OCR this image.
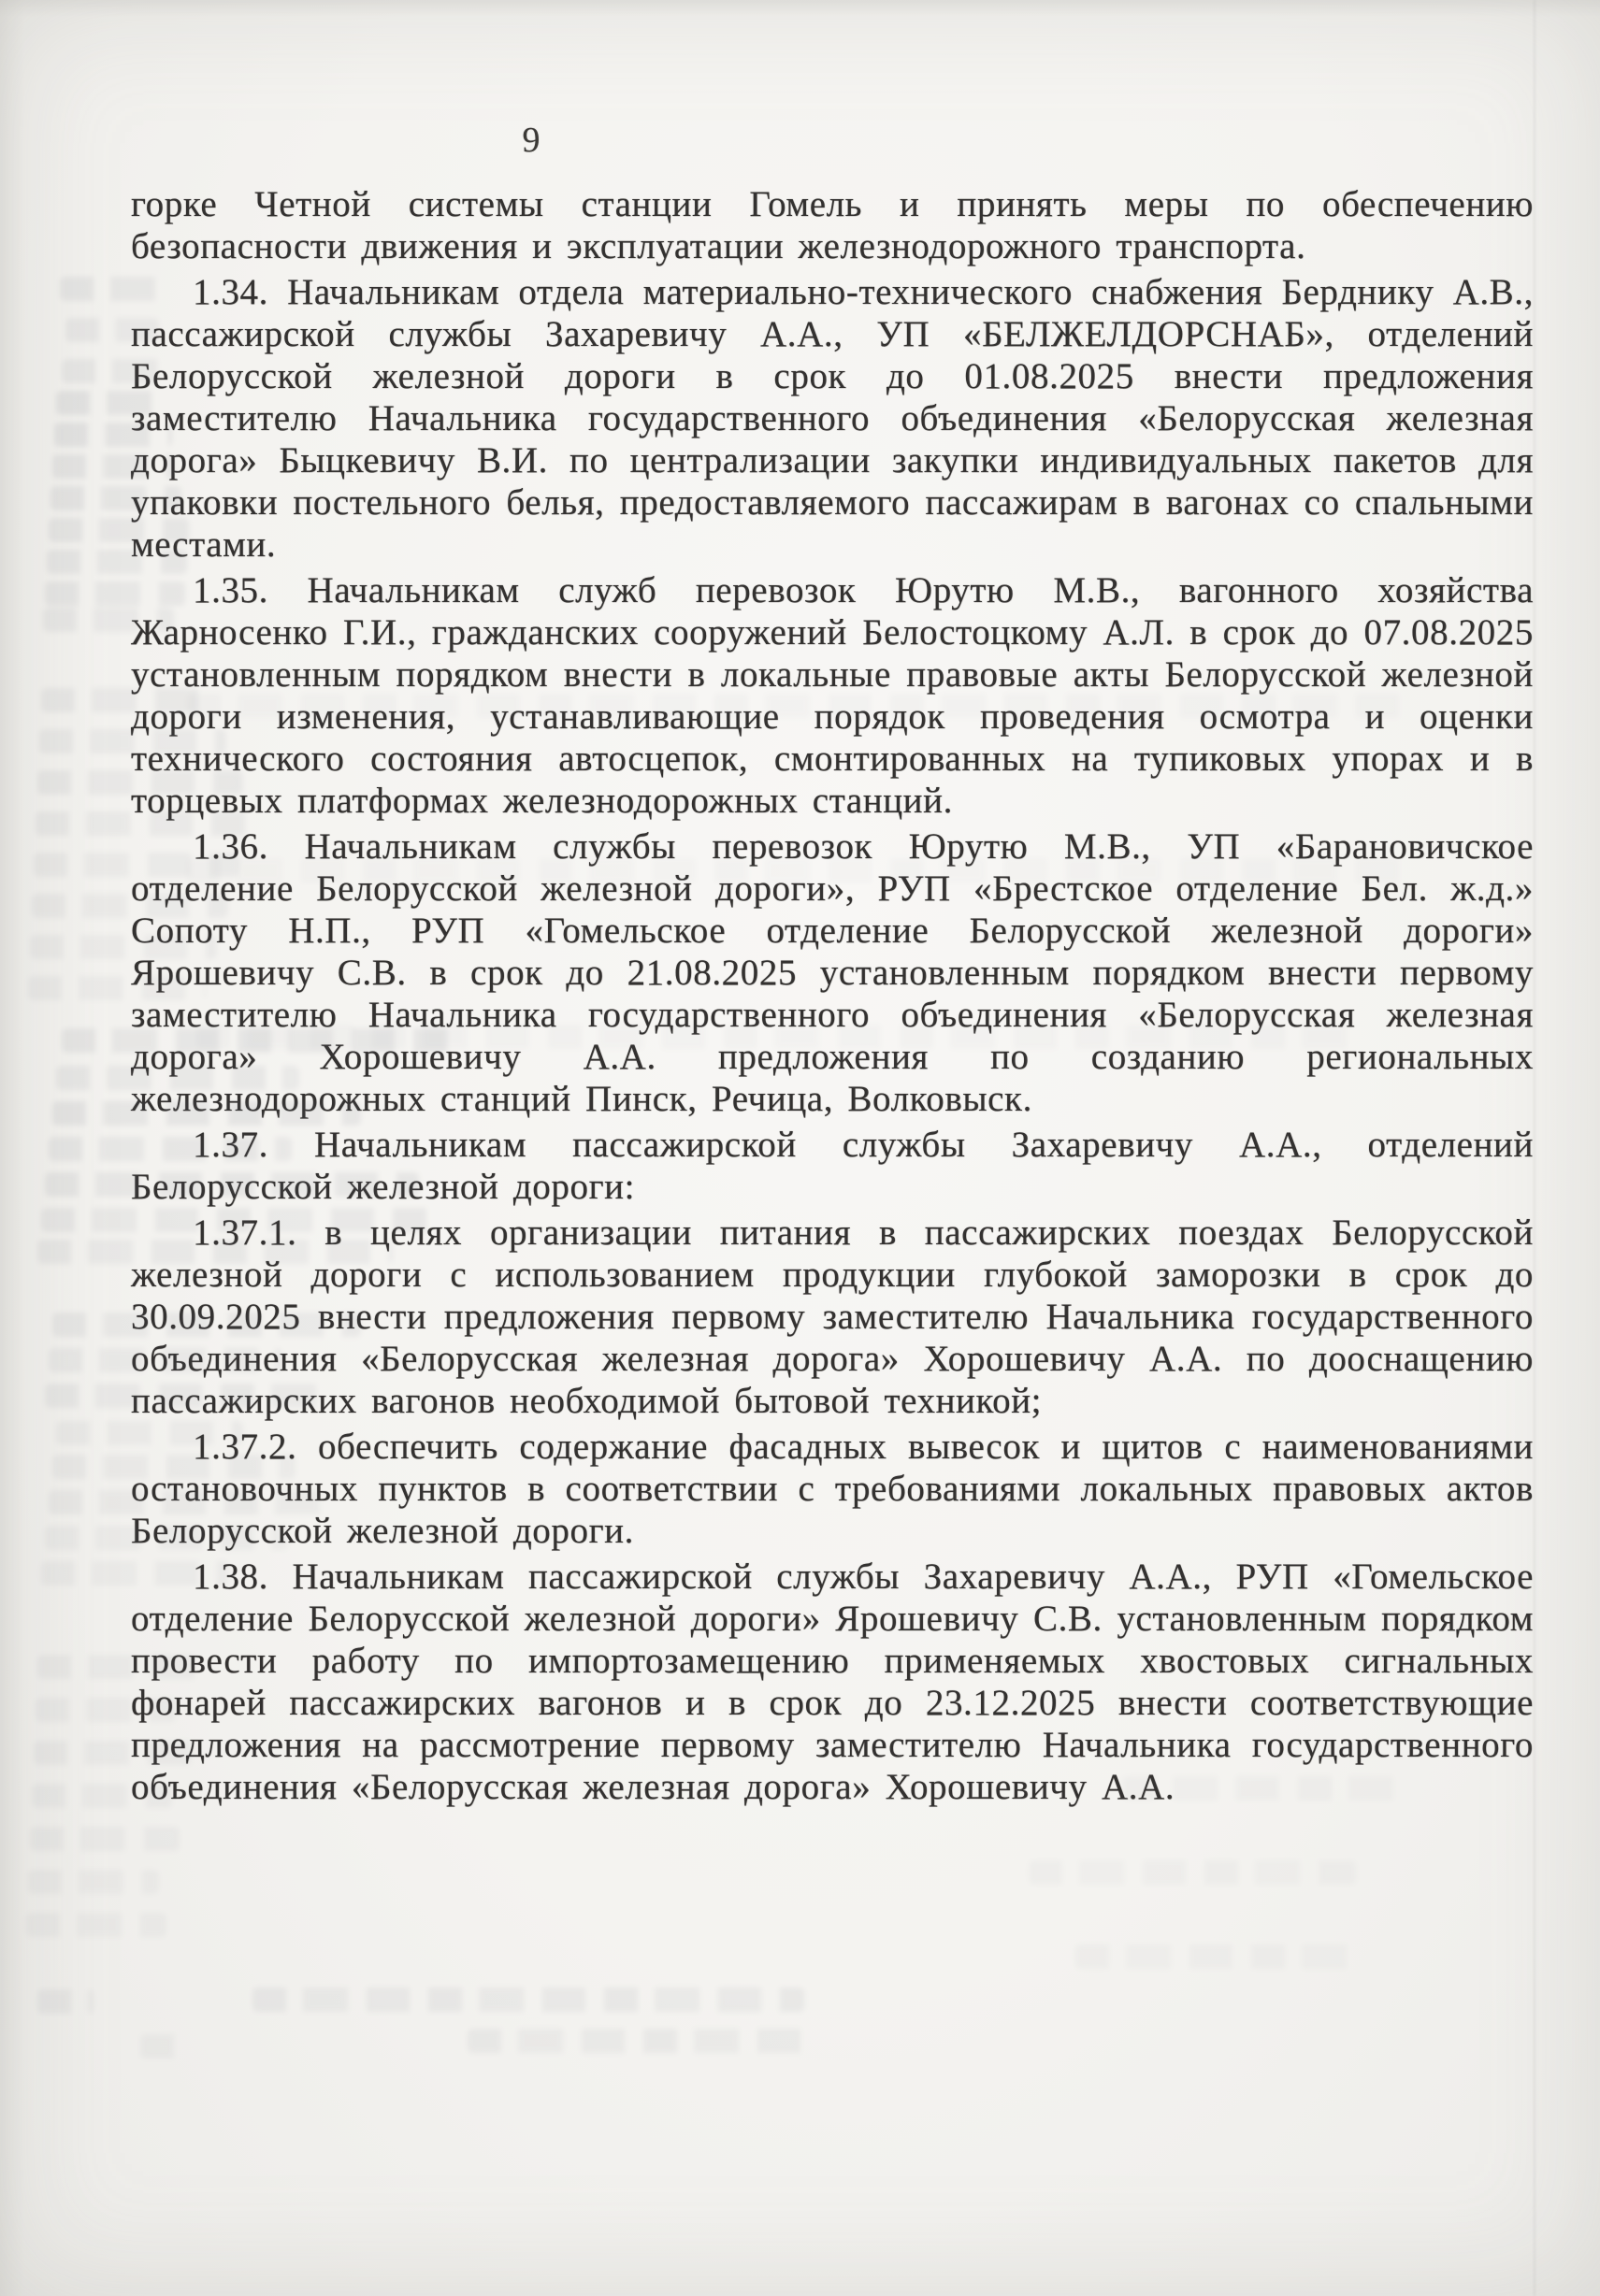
9

горке Четной системы станции Гомель и принять меры по обеспечению безопасности движения и эксплуатации железнодорожного транспорта.

1.34. Начальникам отдела материально-технического снабжения Берднику А.В., пассажирской службы Захаревичу А.А., УП «БЕЛЖЕЛДОРСНАБ», отделений Белорусской железной дороги в срок до 01.08.2025 внести предложения заместителю Начальника государственного объединения «Белорусская железная дорога» Быцкевичу В.И. по централизации закупки индивидуальных пакетов для упаковки постельного белья, предоставляемого пассажирам в вагонах со спальными местами.

1.35. Начальникам служб перевозок Юрутю М.В., вагонного хозяйства Жарносенко Г.И., гражданских сооружений Белостоцкому А.Л. в срок до 07.08.2025 установленным порядком внести в локальные правовые акты Белорусской железной дороги изменения, устанавливающие порядок проведения осмотра и оценки технического состояния автосцепок, смонтированных на тупиковых упорах и в торцевых платформах железнодорожных станций.

1.36. Начальникам службы перевозок Юрутю М.В., УП «Барановичское отделение Белорусской железной дороги», РУП «Брестское отделение Бел. ж.д.» Сопоту Н.П., РУП «Гомельское отделение Белорусской железной дороги» Ярошевичу С.В. в срок до 21.08.2025 установленным порядком внести первому заместителю Начальника государственного объединения «Белорусская железная дорога» Хорошевичу А.А. предложения по созданию региональных железнодорожных станций Пинск, Речица, Волковыск.

1.37. Начальникам пассажирской службы Захаревичу А.А., отделений Белорусской железной дороги:

1.37.1. в целях организации питания в пассажирских поездах Белорусской железной дороги с использованием продукции глубокой заморозки в срок до 30.09.2025 внести предложения первому заместителю Начальника государственного объединения «Белорусская железная дорога» Хорошевичу А.А. по дооснащению пассажирских вагонов необходимой бытовой техникой;

1.37.2. обеспечить содержание фасадных вывесок и щитов с наименованиями остановочных пунктов в соответствии с требованиями локальных правовых актов Белорусской железной дороги.

1.38. Начальникам пассажирской службы Захаревичу А.А., РУП «Гомельское отделение Белорусской железной дороги» Ярошевичу С.В. установленным порядком провести работу по импортозамещению применяемых хвостовых сигнальных фонарей пассажирских вагонов и в срок до 23.12.2025 внести соответствующие предложения на рассмотрение первому заместителю Начальника государственного объединения «Белорусская железная дорога» Хорошевичу А.А.
